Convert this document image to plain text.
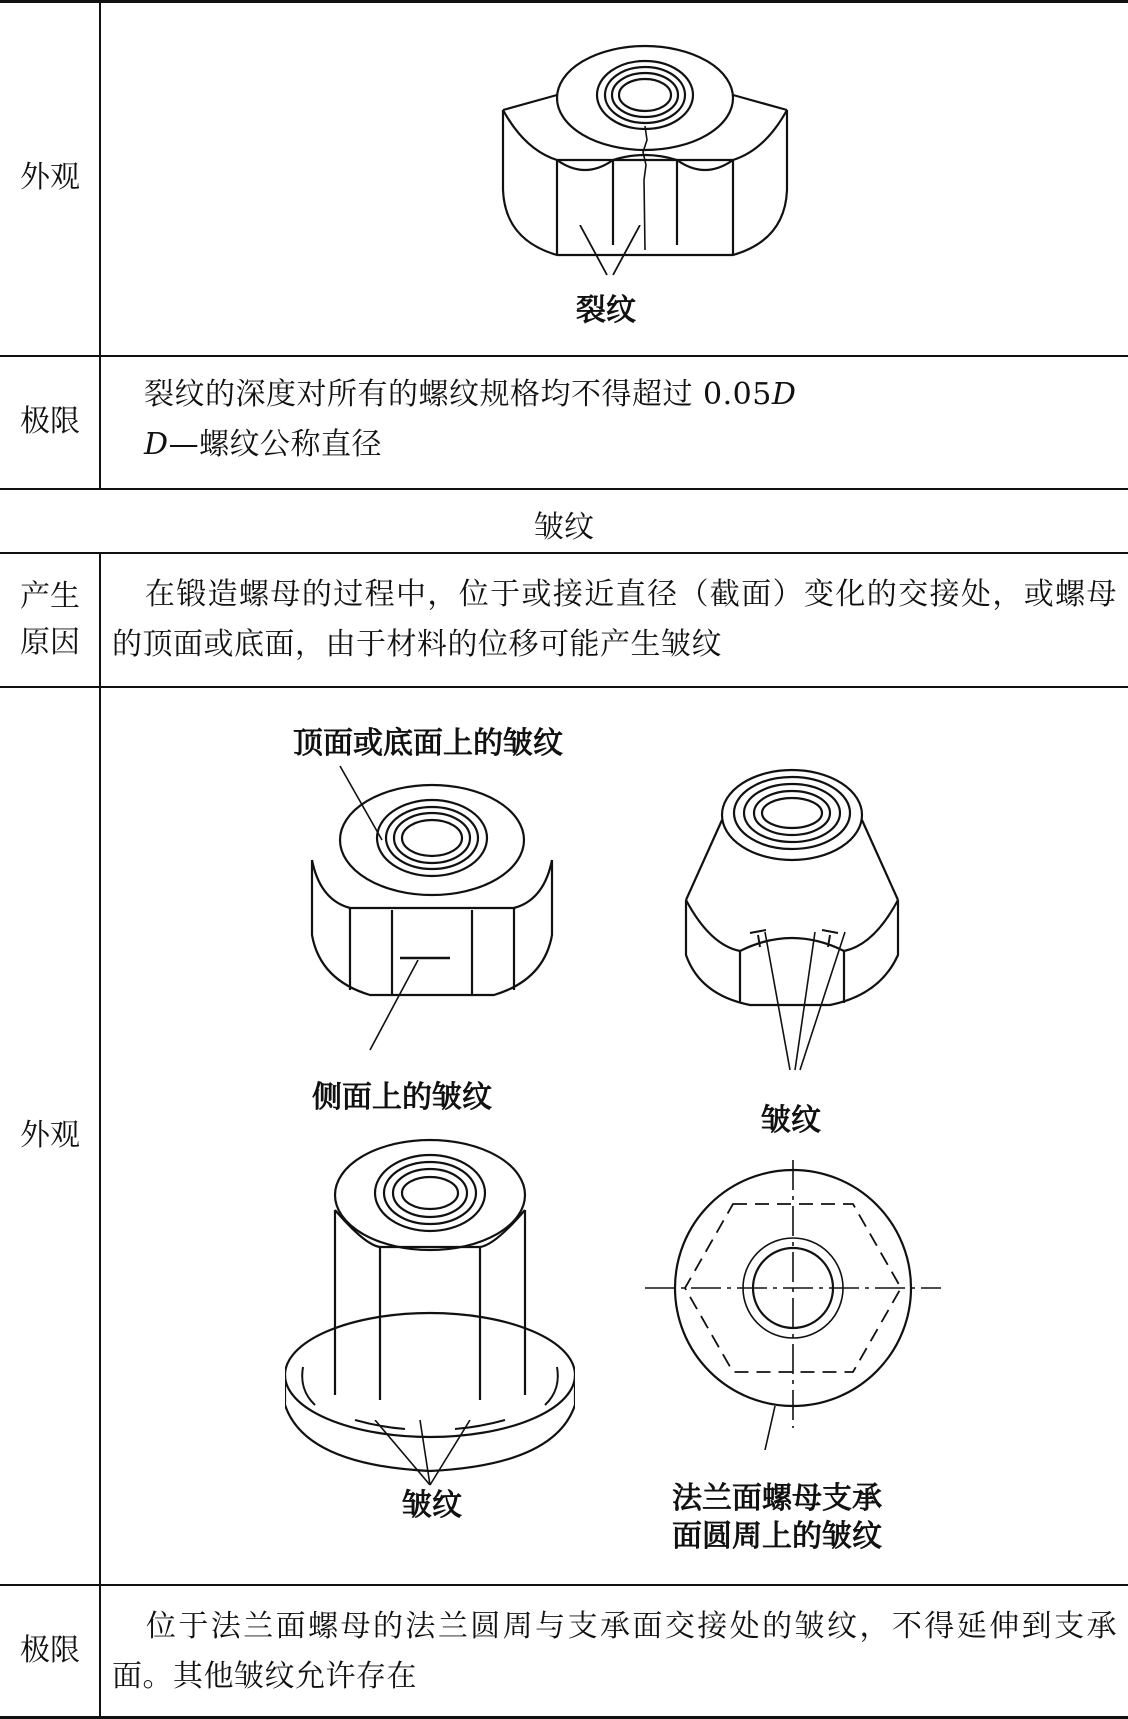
外观
裂纹
极限
裂纹的深度对所有的螺纹规格均不得超过 0.05D
D—螺纹公称直径
皱纹
产生
原因
在锻造螺母的过程中，位于或接近直径（截面）变化的交接处，或螺母的顶面或底面，由于材料的位移可能产生皱纹
外观
顶面或底面上的皱纹
侧面上的皱纹
皱纹
皱纹	法兰面螺母支承
面圆周上的皱纹
极限
位于法兰面螺母的法兰圆周与支承面交接处的皱纹，不得延伸到支承面。其他皱纹允许存在
